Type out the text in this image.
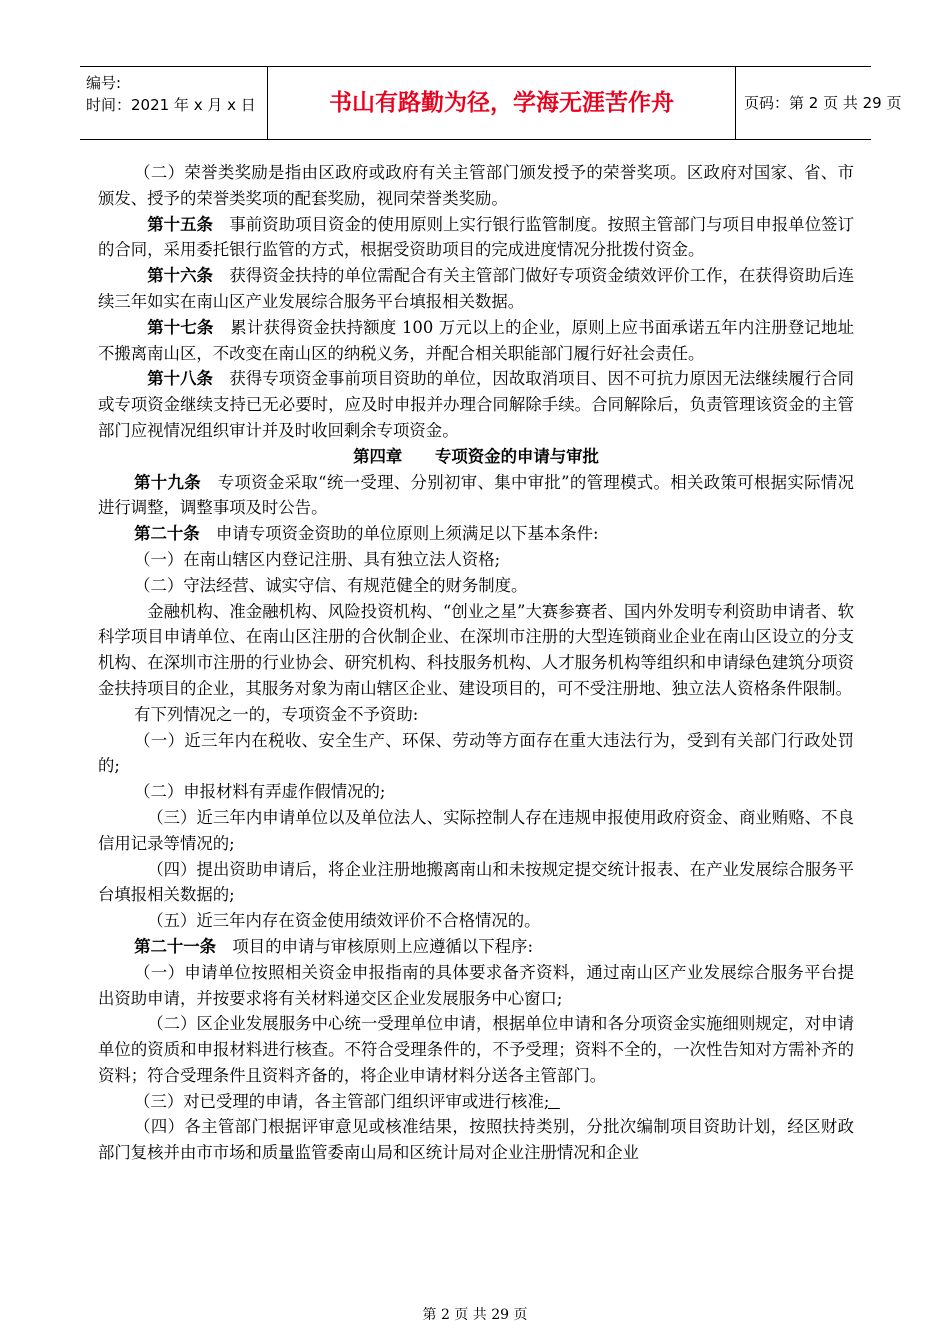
编号:
时间：2021 年 x 月 x 日	书山有路勤为径，学海无涯苦作舟	页码：第 2 页 共 29 页

（二）荣誉类奖励是指由区政府或政府有关主管部门颁发授予的荣誉奖项。区政府对国家、省、市颁发、授予的荣誉类奖项的配套奖励，视同荣誉类奖励。

第十五条　事前资助项目资金的使用原则上实行银行监管制度。按照主管部门与项目申报单位签订的合同，采用委托银行监管的方式，根据受资助项目的完成进度情况分批拨付资金。

第十六条　获得资金扶持的单位需配合有关主管部门做好专项资金绩效评价工作，在获得资助后连续三年如实在南山区产业发展综合服务平台填报相关数据。

第十七条　累计获得资金扶持额度 100 万元以上的企业，原则上应书面承诺五年内注册登记地址不搬离南山区，不改变在南山区的纳税义务，并配合相关职能部门履行好社会责任。

第十八条　获得专项资金事前项目资助的单位，因故取消项目、因不可抗力原因无法继续履行合同或专项资金继续支持已无必要时，应及时申报并办理合同解除手续。合同解除后，负责管理该资金的主管部门应视情况组织审计并及时收回剩余专项资金。

第四章　　专项资金的申请与审批

第十九条　专项资金采取“统一受理、分别初审、集中审批”的管理模式。相关政策可根据实际情况进行调整，调整事项及时公告。

第二十条　申请专项资金资助的单位原则上须满足以下基本条件:

（一）在南山辖区内登记注册、具有独立法人资格;

（二）守法经营、诚实守信、有规范健全的财务制度。

金融机构、准金融机构、风险投资机构、“创业之星”大赛参赛者、国内外发明专利资助申请者、软科学项目申请单位、在南山区注册的合伙制企业、在深圳市注册的大型连锁商业企业在南山区设立的分支机构、在深圳市注册的行业协会、研究机构、科技服务机构、人才服务机构等组织和申请绿色建筑分项资金扶持项目的企业，其服务对象为南山辖区企业、建设项目的，可不受注册地、独立法人资格条件限制。

有下列情况之一的，专项资金不予资助:

（一）近三年内在税收、安全生产、环保、劳动等方面存在重大违法行为，受到有关部门行政处罚的;

（二）申报材料有弄虚作假情况的;

（三）近三年内申请单位以及单位法人、实际控制人存在违规申报使用政府资金、商业贿赂、不良信用记录等情况的;

（四）提出资助申请后，将企业注册地搬离南山和未按规定提交统计报表、在产业发展综合服务平台填报相关数据的;

（五）近三年内存在资金使用绩效评价不合格情况的。

第二十一条　项目的申请与审核原则上应遵循以下程序:

（一）申请单位按照相关资金申报指南的具体要求备齐资料，通过南山区产业发展综合服务平台提出资助申请，并按要求将有关材料递交区企业发展服务中心窗口;

（二）区企业发展服务中心统一受理单位申请，根据单位申请和各分项资金实施细则规定，对申请单位的资质和申报材料进行核查。不符合受理条件的，不予受理；资料不全的，一次性告知对方需补齐的资料；符合受理条件且资料齐备的，将企业申请材料分送各主管部门。

（三）对已受理的申请，各主管部门组织评审或进行核准;

（四）各主管部门根据评审意见或核准结果，按照扶持类别，分批次编制项目资助计划，经区财政部门复核并由市市场和质量监管委南山局和区统计局对企业注册情况和企业

第 2 页 共 29 页
